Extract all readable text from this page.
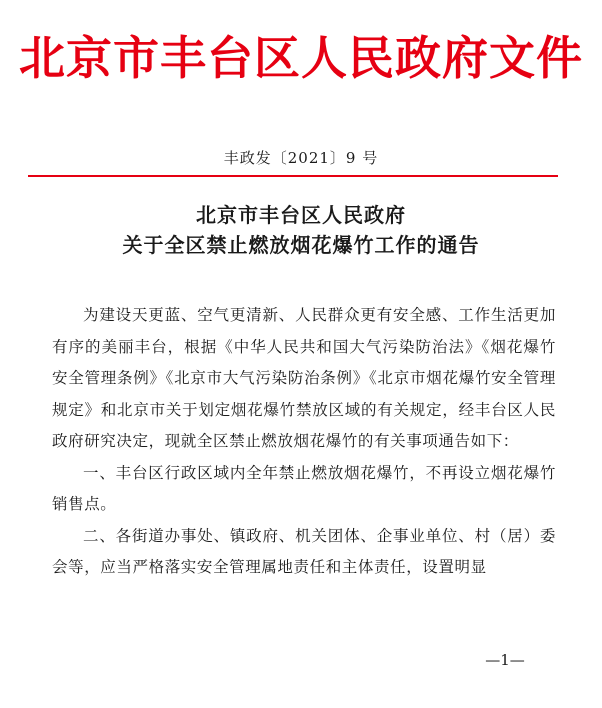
北京市丰台区人民政府文件
丰政发〔2021〕9 号
北京市丰台区人民政府
关于全区禁止燃放烟花爆竹工作的通告

为建设天更蓝、空气更清新、人民群众更有安全感、工作生活更加有序的美丽丰台，根据《中华人民共和国大气污染防治法》《烟花爆竹安全管理条例》《北京市大气污染防治条例》《北京市烟花爆竹安全管理规定》和北京市关于划定烟花爆竹禁放区域的有关规定，经丰台区人民政府研究决定，现就全区禁止燃放烟花爆竹的有关事项通告如下：

一、丰台区行政区域内全年禁止燃放烟花爆竹，不再设立烟花爆竹销售点。

二、各街道办事处、镇政府、机关团体、企事业单位、村（居）委会等，应当严格落实安全管理属地责任和主体责任，设置明显

—1—
